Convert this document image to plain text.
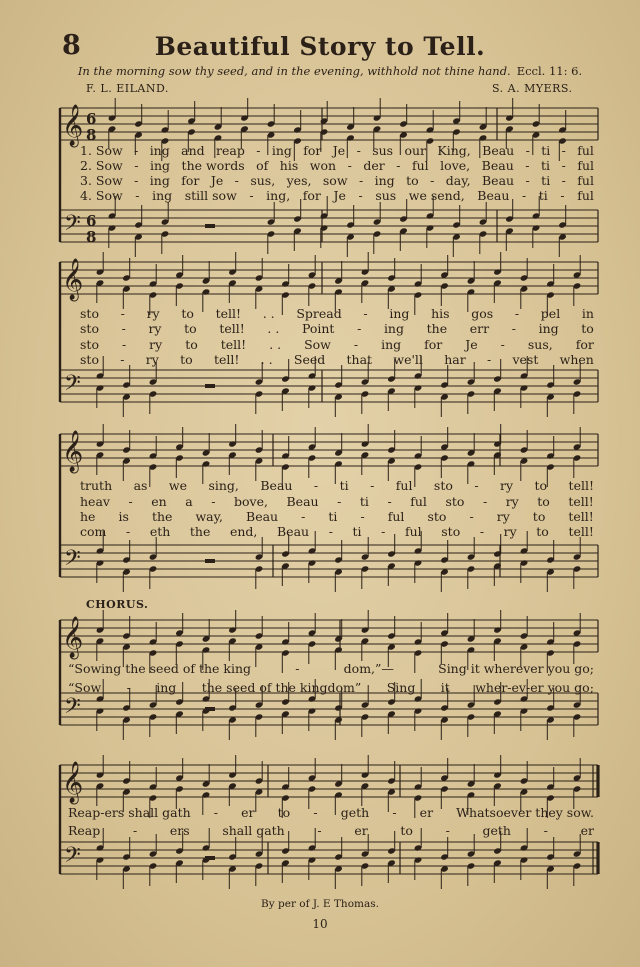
𝄞
𝄢
6
8
6
8
𝄞
𝄢
𝄞
𝄢
𝄞
𝄢
𝄞
𝄢
8	Beautiful Story to Tell.
In the morning sow thy seed, and in the evening, withhold not thine hand. Eccl. 11: 6.
F. L. EILAND.	S. A. MYERS.
CHORUS.
1. Sow - ing and reap - ing for Je - sus our King, Beau - ti - ful
2. Sow - ing the words of his won - der - ful love, Beau - ti - ful
3. Sow - ing for Je - sus, yes, sow - ing to - day, Beau - ti - ful
4. Sow - ing still sow - ing, for Je - sus we send, Beau - ti - ful
sto - ry to tell! . . Spread - ing his gos - pel in
sto - ry to tell! . . Point - ing the err - ing to
sto - ry to tell! . . Sow - ing for Je - sus, for
sto - ry to tell! . . Seed that we'll har - vest when
truth as we sing, Beau - ti - ful sto - ry to tell!
heav - en a - bove, Beau - ti - ful sto - ry to tell!
he is the way, Beau - ti - ful sto - ry to tell!
com - eth the end, Beau - ti - ful sto - ry to tell!
“Sowing the seed of the king	-	dom,”—	Sing it wherever you go;
“Sow - ing the seed of the kingdom” Sing it wher-ev-er you go;
Reap-ers shall gath - er to - geth - er Whatsoever they sow.
Reap	-	ers	shall gath	-	er	to	-	geth	-	er
By per of J. E Thomas.
10
